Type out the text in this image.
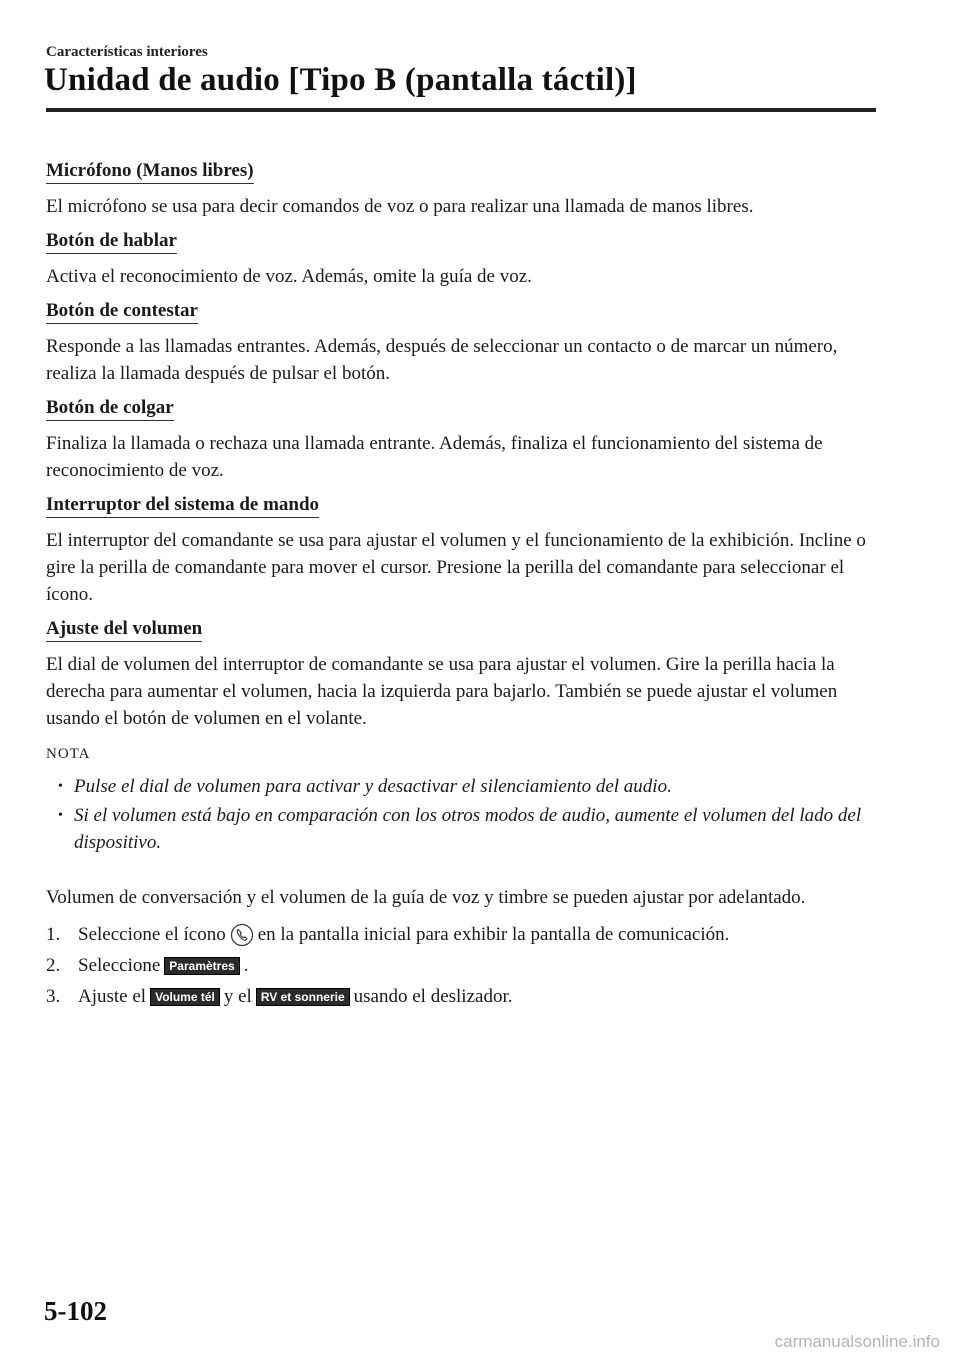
Características interiores
Unidad de audio [Tipo B (pantalla táctil)]
Micrófono (Manos libres)

El micrófono se usa para decir comandos de voz o para realizar una llamada de manos libres.

Botón de hablar

Activa el reconocimiento de voz. Además, omite la guía de voz.

Botón de contestar

Responde a las llamadas entrantes. Además, después de seleccionar un contacto o de marcar un número, realiza la llamada después de pulsar el botón.

Botón de colgar

Finaliza la llamada o rechaza una llamada entrante. Además, finaliza el funcionamiento del sistema de reconocimiento de voz.

Interruptor del sistema de mando

El interruptor del comandante se usa para ajustar el volumen y el funcionamiento de la exhibición. Incline o gire la perilla de comandante para mover el cursor. Presione la perilla del comandante para seleccionar el ícono.

Ajuste del volumen

El dial de volumen del interruptor de comandante se usa para ajustar el volumen. Gire la perilla hacia la derecha para aumentar el volumen, hacia la izquierda para bajarlo. También se puede ajustar el volumen usando el botón de volumen en el volante.

NOTA
• Pulse el dial de volumen para activar y desactivar el silenciamiento del audio.
• Si el volumen está bajo en comparación con los otros modos de audio, aumente el volumen del lado del dispositivo.

Volumen de conversación y el volumen de la guía de voz y timbre se pueden ajustar por adelantado.

1. Seleccione el ícono en la pantalla inicial para exhibir la pantalla de comunicación.
2. Seleccione Paramètres .
3. Ajuste el Volume tél y el RV et sonnerie usando el deslizador.
5-102
carmanualsonline.info
